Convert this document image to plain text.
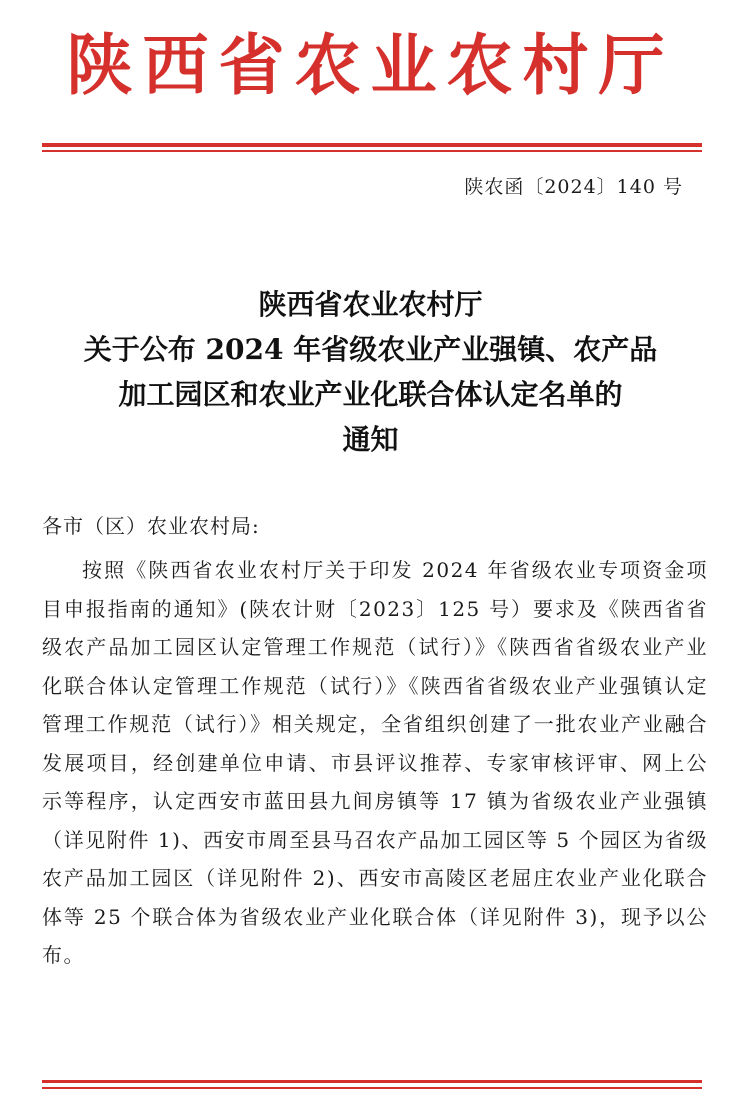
陕西省农业农村厅
陕农函〔2024〕140 号
陕西省农业农村厅
关于公布 2024 年省级农业产业强镇、农产品
加工园区和农业产业化联合体认定名单的
通知
各市（区）农业农村局:
按照《陕西省农业农村厅关于印发 2024 年省级农业专项资金项目申报指南的通知》(陕农计财〔2023〕125 号）要求及《陕西省省级农产品加工园区认定管理工作规范（试行）》《陕西省省级农业产业化联合体认定管理工作规范（试行）》《陕西省省级农业产业强镇认定管理工作规范（试行）》相关规定，全省组织创建了一批农业产业融合发展项目，经创建单位申请、市县评议推荐、专家审核评审、网上公示等程序，认定西安市蓝田县九间房镇等 17 镇为省级农业产业强镇（详见附件 1)、西安市周至县马召农产品加工园区等 5 个园区为省级农产品加工园区（详见附件 2)、西安市高陵区老屈庄农业产业化联合体等 25 个联合体为省级农业产业化联合体（详见附件 3)，现予以公布。
